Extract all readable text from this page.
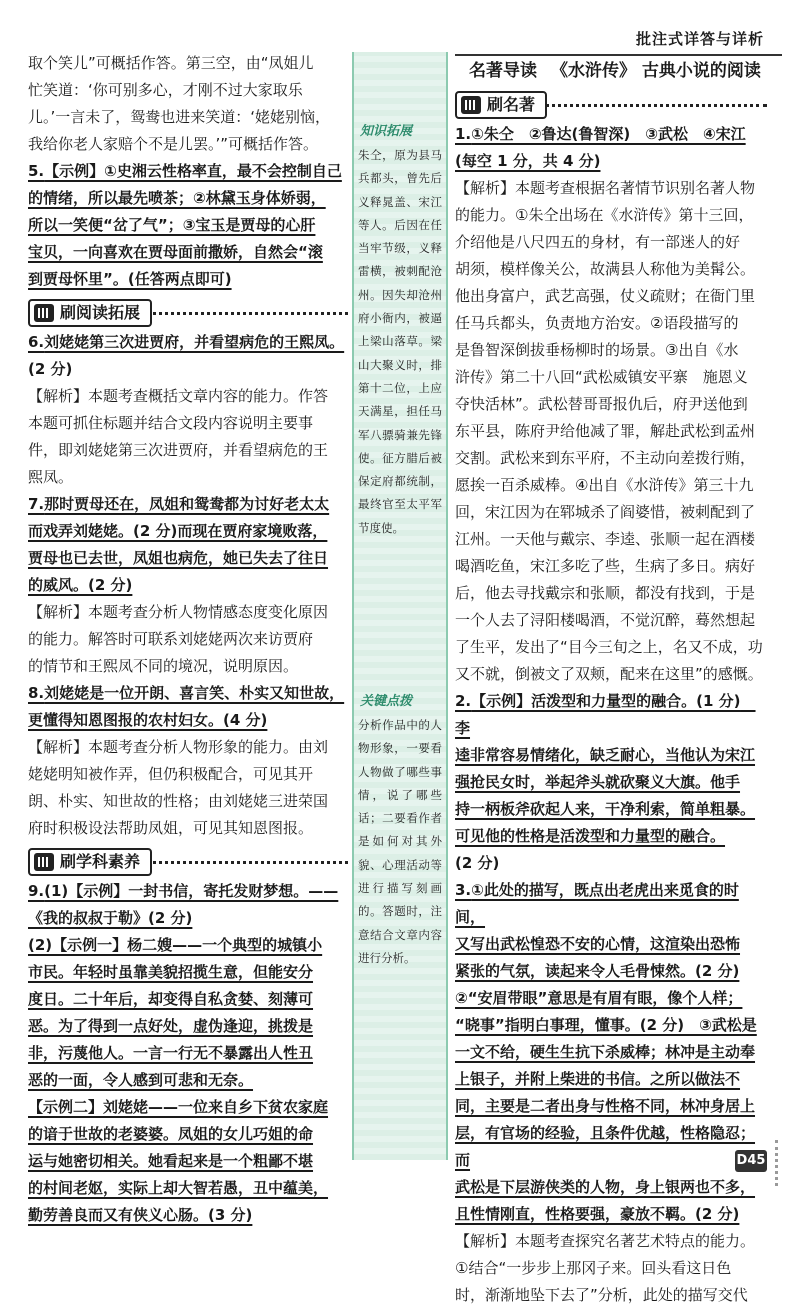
批注式详答与详析

取个笑儿”可概括作答。第三空，由“凤姐儿

忙笑道：‘你可别多心，才刚不过大家取乐

儿。’一言未了，鸳鸯也进来笑道：‘姥姥别恼，

我给你老人家赔个不是儿罢。’”可概括作答。

5.【示例】①史湘云性格率直，最不会控制自己

的情绪，所以最先喷茶；②林黛玉身体娇弱，

所以一笑便“岔了气”；③宝玉是贾母的心肝

宝贝，一向喜欢在贾母面前撒娇，自然会“滚

到贾母怀里”。(任答两点即可)

刷阅读拓展

6.刘姥姥第三次进贾府，并看望病危的王熙凤。

(2 分)

【解析】本题考查概括文章内容的能力。作答

本题可抓住标题并结合文段内容说明主要事

件，即刘姥姥第三次进贾府，并看望病危的王

熙凤。

7.那时贾母还在，凤姐和鸳鸯都为讨好老太太

而戏弄刘姥姥。(2 分)而现在贾府家境败落，

贾母也已去世，凤姐也病危，她已失去了往日

的威风。(2 分)

【解析】本题考查分析人物情感态度变化原因

的能力。解答时可联系刘姥姥两次来访贾府

的情节和王熙凤不同的境况，说明原因。

8.刘姥姥是一位开朗、喜言笑、朴实又知世故，

更懂得知恩图报的农村妇女。(4 分)

【解析】本题考查分析人物形象的能力。由刘

姥姥明知被作弄，但仍积极配合，可见其开

朗、朴实、知世故的性格；由刘姥姥三进荣国

府时积极设法帮助凤姐，可见其知恩图报。

刷学科素养

9.(1)【示例】一封书信，寄托发财梦想。——

《我的叔叔于勒》(2 分)

(2)【示例一】杨二嫂——一个典型的城镇小

市民。年轻时虽靠美貌招揽生意，但能安分

度日。二十年后，却变得自私贪婪、刻薄可

恶。为了得到一点好处，虚伪逢迎，挑拨是

非，污蔑他人。一言一行无不暴露出人性丑

恶的一面，令人感到可悲和无奈。

【示例二】刘姥姥——一位来自乡下贫农家庭

的谙于世故的老婆婆。凤姐的女儿巧姐的命

运与她密切相关。她看起来是一个粗鄙不堪

的村间老妪，实际上却大智若愚，丑中蕴美，

勤劳善良而又有侠义心肠。(3 分)

知识拓展
朱仝，原为县马兵都头，曾先后义释晁盖、宋江等人。后因在任当牢节级，义释雷横，被刺配沧州。因失却沧州府小衙内，被逼上梁山落草。梁山大聚义时，排第十二位，上应天满星，担任马军八骠骑兼先锋使。征方腊后被保定府都统制，最终官至太平军节度使。
关键点拨
分析作品中的人物形象，一要看人物做了哪些事情，说了哪些话；二要看作者是如何对其外貌、心理活动等进行描写刻画的。答题时，注意结合文章内容进行分析。
名著导读 《水浒传》 古典小说的阅读
刷名著

1.①朱仝　②鲁达(鲁智深)　③武松　④宋江

(每空 1 分，共 4 分)

【解析】本题考查根据名著情节识别名著人物

的能力。①朱仝出场在《水浒传》第十三回，

介绍他是八尺四五的身材，有一部迷人的好

胡须，模样像关公，故满县人称他为美髯公。

他出身富户，武艺高强，仗义疏财；在衙门里

任马兵都头，负责地方治安。②语段描写的

是鲁智深倒拔垂杨柳时的场景。③出自《水

浒传》第二十八回“武松威镇安平寨　施恩义

夺快活林”。武松替哥哥报仇后，府尹送他到

东平县，陈府尹给他减了罪，解赴武松到孟州

交割。武松来到东平府，不主动向差拨行贿，

愿挨一百杀威棒。④出自《水浒传》第三十九

回，宋江因为在郓城杀了阎婆惜，被刺配到了

江州。一天他与戴宗、李逵、张顺一起在酒楼

喝酒吃鱼，宋江多吃了些，生病了多日。病好

后，他去寻找戴宗和张顺，都没有找到，于是

一个人去了浔阳楼喝酒，不觉沉醉，蓦然想起

了生平，发出了“目今三旬之上，名又不成，功

又不就，倒被文了双颊，配来在这里”的感慨。

2.【示例】活泼型和力量型的融合。(1 分)　李

逵非常容易情绪化，缺乏耐心，当他认为宋江

强抢民女时，举起斧头就砍聚义大旗。他手

持一柄板斧砍起人来，干净利索，简单粗暴。

可见他的性格是活泼型和力量型的融合。

(2 分)

3.①此处的描写，既点出老虎出来觅食的时间，

又写出武松惶恐不安的心情，这渲染出恐怖

紧张的气氛，读起来令人毛骨悚然。(2 分)

②“安眉带眼”意思是有眉有眼，像个人样；

“晓事”指明白事理，懂事。(2 分)　③武松是

一文不给，硬生生抗下杀威棒；林冲是主动奉

上银子，并附上柴进的书信。之所以做法不

同，主要是二者出身与性格不同，林冲身居上

层，有官场的经验，且条件优越，性格隐忍；而

武松是下层游侠类的人物，身上银两也不多，

且性情刚直，性格要强，豪放不羁。(2 分)

【解析】本题考查探究名著艺术特点的能力。

①结合“一步步上那冈子来。回头看这日色

时，渐渐地坠下去了”分析，此处的描写交代

D45
